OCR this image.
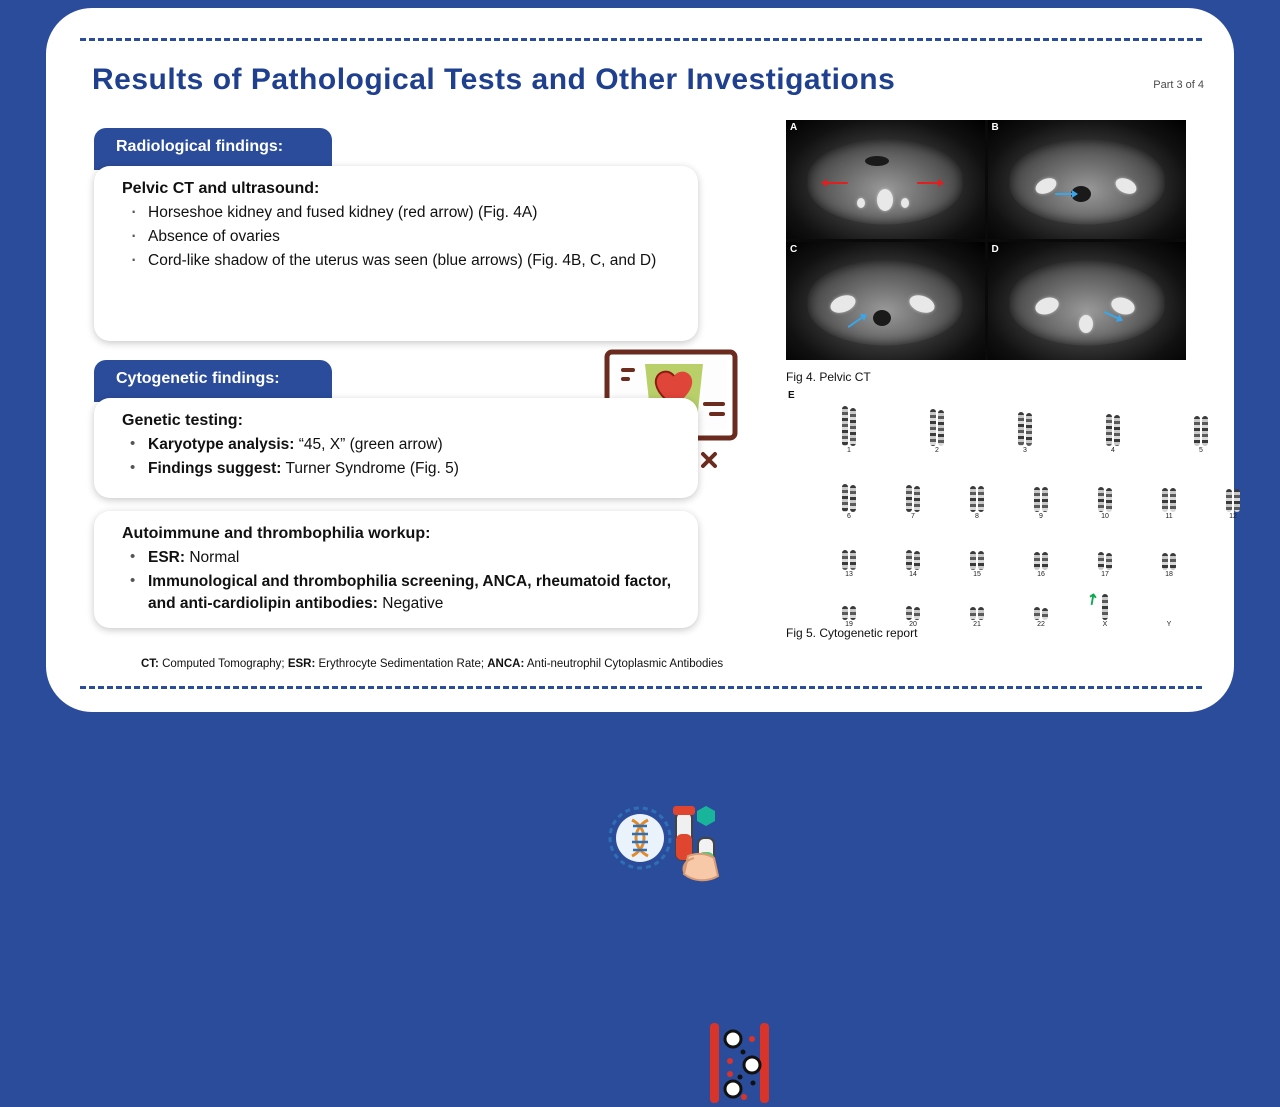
Results of Pathological Tests and Other Investigations	Part 3 of 4
Radiological findings:
Pelvic CT and ultrasound:
· Horseshoe kidney and fused kidney (red arrow) (Fig. 4A)
· Absence of ovaries
· Cord-like shadow of the uterus was seen (blue arrows) (Fig. 4B, C, and D)
Cytogenetic findings:
Genetic testing:
• Karyotype analysis: “45, X” (green arrow)
• Findings suggest: Turner Syndrome (Fig. 5)
Autoimmune and thrombophilia workup:
• ESR: Normal
• Immunological and thrombophilia screening, ANCA, rheumatoid factor, and anti-cardiolipin antibodies: Negative
CT: Computed Tomography; ESR: Erythrocyte Sedimentation Rate; ANCA: Anti-neutrophil Cytoplasmic Antibodies
A	B
C	D
Fig 4. Pelvic CT
E
1	2	3	4	5
6	7	8	9	10	11	12
13	14	15	16	17	18
19	20	21	22	X	Y
↗
Fig 5. Cytogenetic report
